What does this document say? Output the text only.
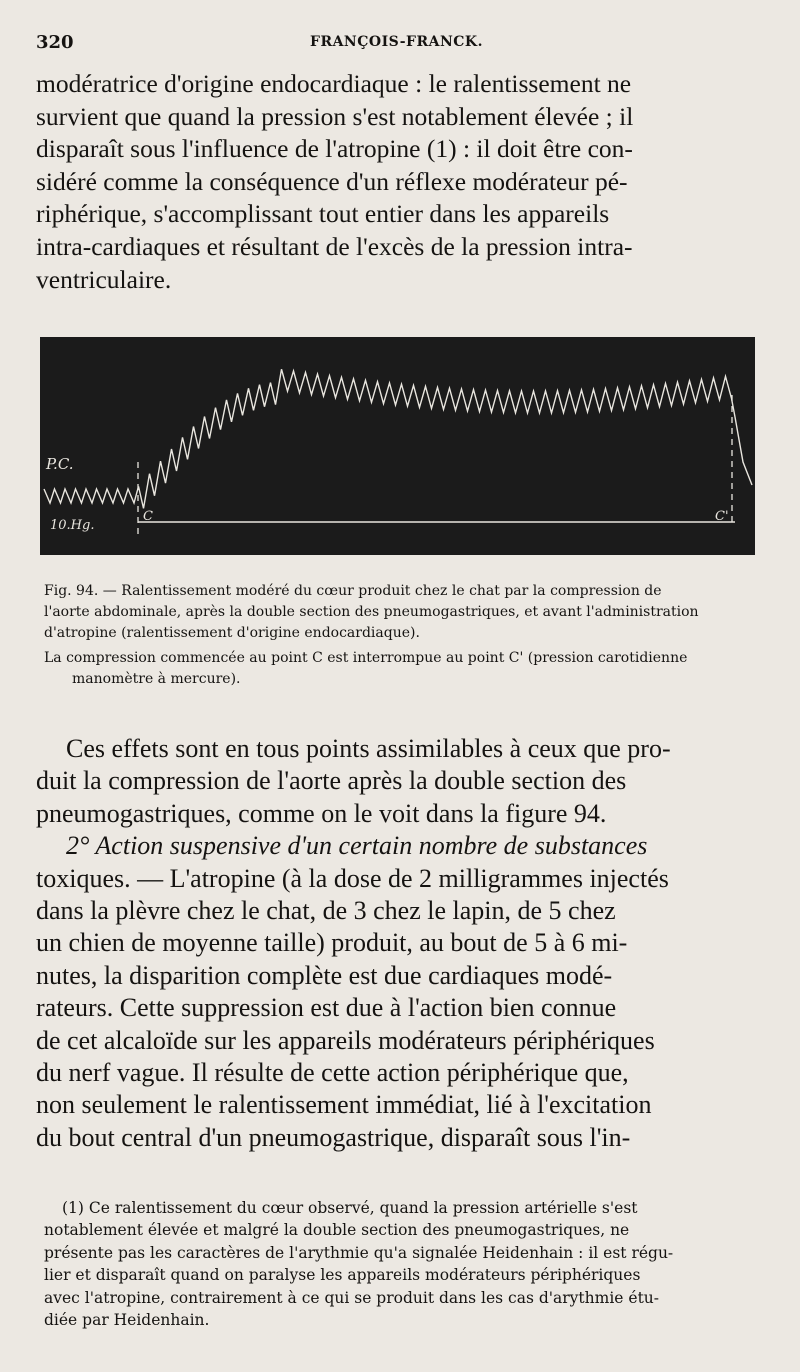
320	FRANÇOIS-FRANCK.
modératrice d'origine endocardiaque : le ralentissement ne
survient que quand la pression s'est notablement élevée ; il
disparaît sous l'influence de l'atropine (1) : il doit être con-
sidéré comme la conséquence d'un réflexe modérateur pé-
riphérique, s'accomplissant tout entier dans les appareils
intra-cardiaques et résultant de l'excès de la pression intra-
ventriculaire.
P.C.
10.Hg.
C	C'
Fig. 94. — Ralentissement modéré du cœur produit chez le chat par la compression de
l'aorte abdominale, après la double section des pneumogastriques, et avant l'administration
d'atropine (ralentissement d'origine endocardiaque).
La compression commencée au point C est interrompue au point C' (pression carotidienne
manomètre à mercure).
Ces effets sont en tous points assimilables à ceux que pro-
duit la compression de l'aorte après la double section des
pneumogastriques, comme on le voit dans la figure 94.
2° Action suspensive d'un certain nombre de substances
toxiques. — L'atropine (à la dose de 2 milligrammes injectés
dans la plèvre chez le chat, de 3 chez le lapin, de 5 chez
un chien de moyenne taille) produit, au bout de 5 à 6 mi-
nutes, la disparition complète est due cardiaques modé-
rateurs. Cette suppression est due à l'action bien connue
de cet alcaloïde sur les appareils modérateurs périphériques
du nerf vague. Il résulte de cette action périphérique que,
non seulement le ralentissement immédiat, lié à l'excitation
du bout central d'un pneumogastrique, disparaît sous l'in-
(1) Ce ralentissement du cœur observé, quand la pression artérielle s'est
notablement élevée et malgré la double section des pneumogastriques, ne
présente pas les caractères de l'arythmie qu'a signalée Heidenhain : il est régu-
lier et disparaît quand on paralyse les appareils modérateurs périphériques
avec l'atropine, contrairement à ce qui se produit dans les cas d'arythmie étu-
diée par Heidenhain.
